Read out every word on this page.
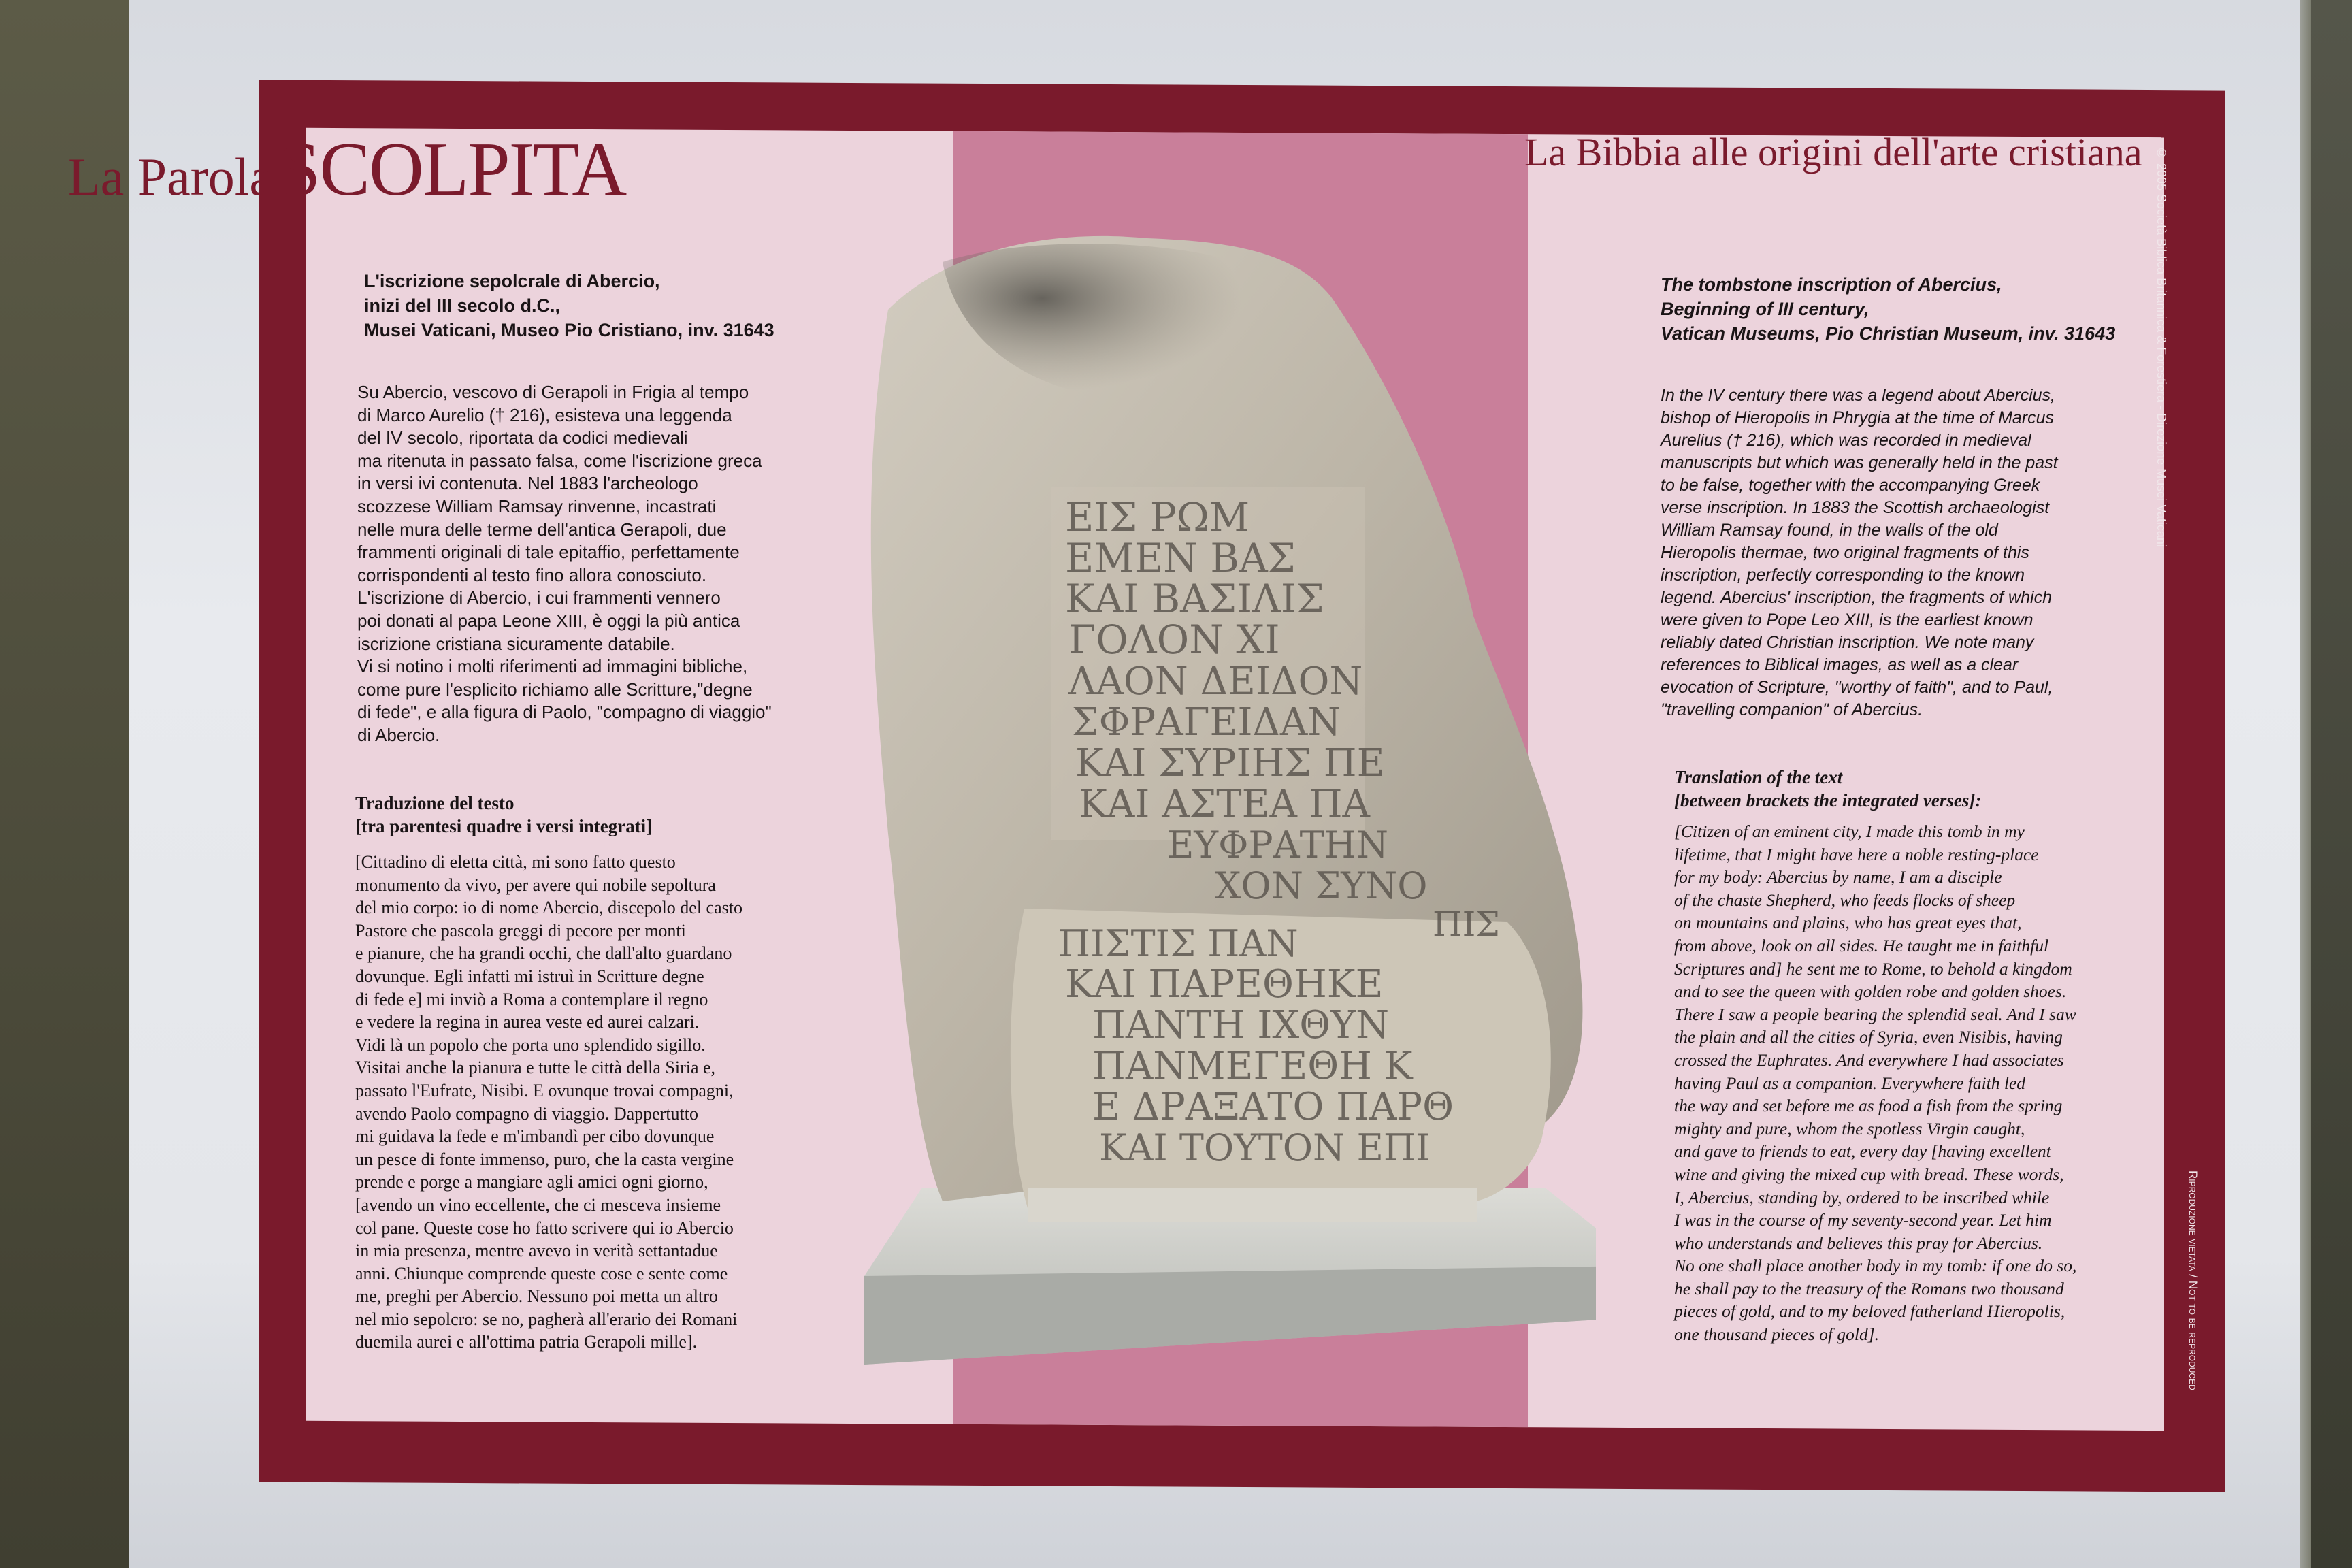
La Parola SCOLPITA	La Bibbia alle origini dell'arte cristiana	© 2005 Società Biblica Britannica & Forestiera - Direzione Musei Vaticani
Riproduzione vietata / Not to be reproduced
L'iscrizione sepolcrale di Abercio,
inizi del III secolo d.C.,
Musei Vaticani, Museo Pio Cristiano, inv. 31643
Su Abercio, vescovo di Gerapoli in Frigia al tempo
di Marco Aurelio († 216), esisteva una leggenda
del IV secolo, riportata da codici medievali
ma ritenuta in passato falsa, come l'iscrizione greca
in versi ivi contenuta. Nel 1883 l'archeologo
scozzese William Ramsay rinvenne, incastrati
nelle mura delle terme dell'antica Gerapoli, due
frammenti originali di tale epitaffio, perfettamente
corrispondenti al testo fino allora conosciuto.
L'iscrizione di Abercio, i cui frammenti vennero
poi donati al papa Leone XIII, è oggi la più antica
iscrizione cristiana sicuramente databile.
Vi si notino i molti riferimenti ad immagini bibliche,
come pure l'esplicito richiamo alle Scritture,"degne
di fede", e alla figura di Paolo, "compagno di viaggio"
di Abercio.
Traduzione del testo
[tra parentesi quadre i versi integrati]
[Cittadino di eletta città, mi sono fatto questo
monumento da vivo, per avere qui nobile sepoltura
del mio corpo: io di nome Abercio, discepolo del casto
Pastore che pascola greggi di pecore per monti
e pianure, che ha grandi occhi, che dall'alto guardano
dovunque. Egli infatti mi istruì in Scritture degne
di fede e] mi inviò a Roma a contemplare il regno
e vedere la regina in aurea veste ed aurei calzari.
Vidi là un popolo che porta uno splendido sigillo.
Visitai anche la pianura e tutte le città della Siria e,
passato l'Eufrate, Nisibi. E ovunque trovai compagni,
avendo Paolo compagno di viaggio. Dappertutto
mi guidava la fede e m'imbandì per cibo dovunque
un pesce di fonte immenso, puro, che la casta vergine
prende e porge a mangiare agli amici ogni giorno,
[avendo un vino eccellente, che ci mesceva insieme
col pane. Queste cose ho fatto scrivere qui io Abercio
in mia presenza, mentre avevo in verità settantadue
anni. Chiunque comprende queste cose e sente come
me, preghi per Abercio. Nessuno poi metta un altro
nel mio sepolcro: se no, pagherà all'erario dei Romani
duemila aurei e all'ottima patria Gerapoli mille].
The tombstone inscription of Abercius,
Beginning of III century,
Vatican Museums, Pio Christian Museum, inv. 31643
In the IV century there was a legend about Abercius,
bishop of Hieropolis in Phrygia at the time of Marcus
Aurelius († 216), which was recorded in medieval
manuscripts but which was generally held in the past
to be false, together with the accompanying Greek
verse inscription. In 1883 the Scottish archaeologist
William Ramsay found, in the walls of the old
Hieropolis thermae, two original fragments of this
inscription, perfectly corresponding to the known
legend. Abercius' inscription, the fragments of which
were given to Pope Leo XIII, is the earliest known
reliably dated Christian inscription. We note many
references to Biblical images, as well as a clear
evocation of Scripture, "worthy of faith", and to Paul,
"travelling companion" of Abercius.
Translation of the text
[between brackets the integrated verses]:
[Citizen of an eminent city, I made this tomb in my
lifetime, that I might have here a noble resting-place
for my body: Abercius by name, I am a disciple
of the chaste Shepherd, who feeds flocks of sheep
on mountains and plains, who has great eyes that,
from above, look on all sides. He taught me in faithful
Scriptures and] he sent me to Rome, to behold a kingdom
and to see the queen with golden robe and golden shoes.
There I saw a people bearing the splendid seal. And I saw
the plain and all the cities of Syria, even Nisibis, having
crossed the Euphrates. And everywhere I had associates
having Paul as a companion. Everywhere faith led
the way and set before me as food a fish from the spring
mighty and pure, whom the spotless Virgin caught,
and gave to friends to eat, every day [having excellent
wine and giving the mixed cup with bread. These words,
I, Abercius, standing by, ordered to be inscribed while
I was in the course of my seventy-second year. Let him
who understands and believes this pray for Abercius.
No one shall place another body in my tomb: if one do so,
he shall pay to the treasury of the Romans two thousand
pieces of gold, and to my beloved fatherland Hieropolis,
one thousand pieces of gold].
ΕΙΣ ΡΩΜ
ΕΜΕΝ ΒΑΣ
ΚΑΙ ΒΑΣΙΛΙΣ
ΓΟΛΟΝ ΧΙ
ΛΑΟΝ ΔΕΙΔΟΝ
ΣΦΡΑΓΕΙΔΑΝ
ΚΑΙ ΣΥΡΙΗΣ ΠΕ
ΚΑΙ ΑΣΤΕΑ ΠΑ
ΕΥΦΡΑΤΗΝ
ΧΟΝ ΣΥΝΟ
ΠΙΣ
ΠΙΣΤΙΣ ΠΑΝ
ΚΑΙ ΠΑΡΕΘΗΚΕ
ΠΑΝΤΗ ΙΧΘΥΝ
ΠΑΝΜΕΓΕΘΗ Κ
Ε ΔΡΑΞΑΤΟ ΠΑΡΘ
ΚΑΙ ΤΟΥΤΟΝ ΕΠΙ
